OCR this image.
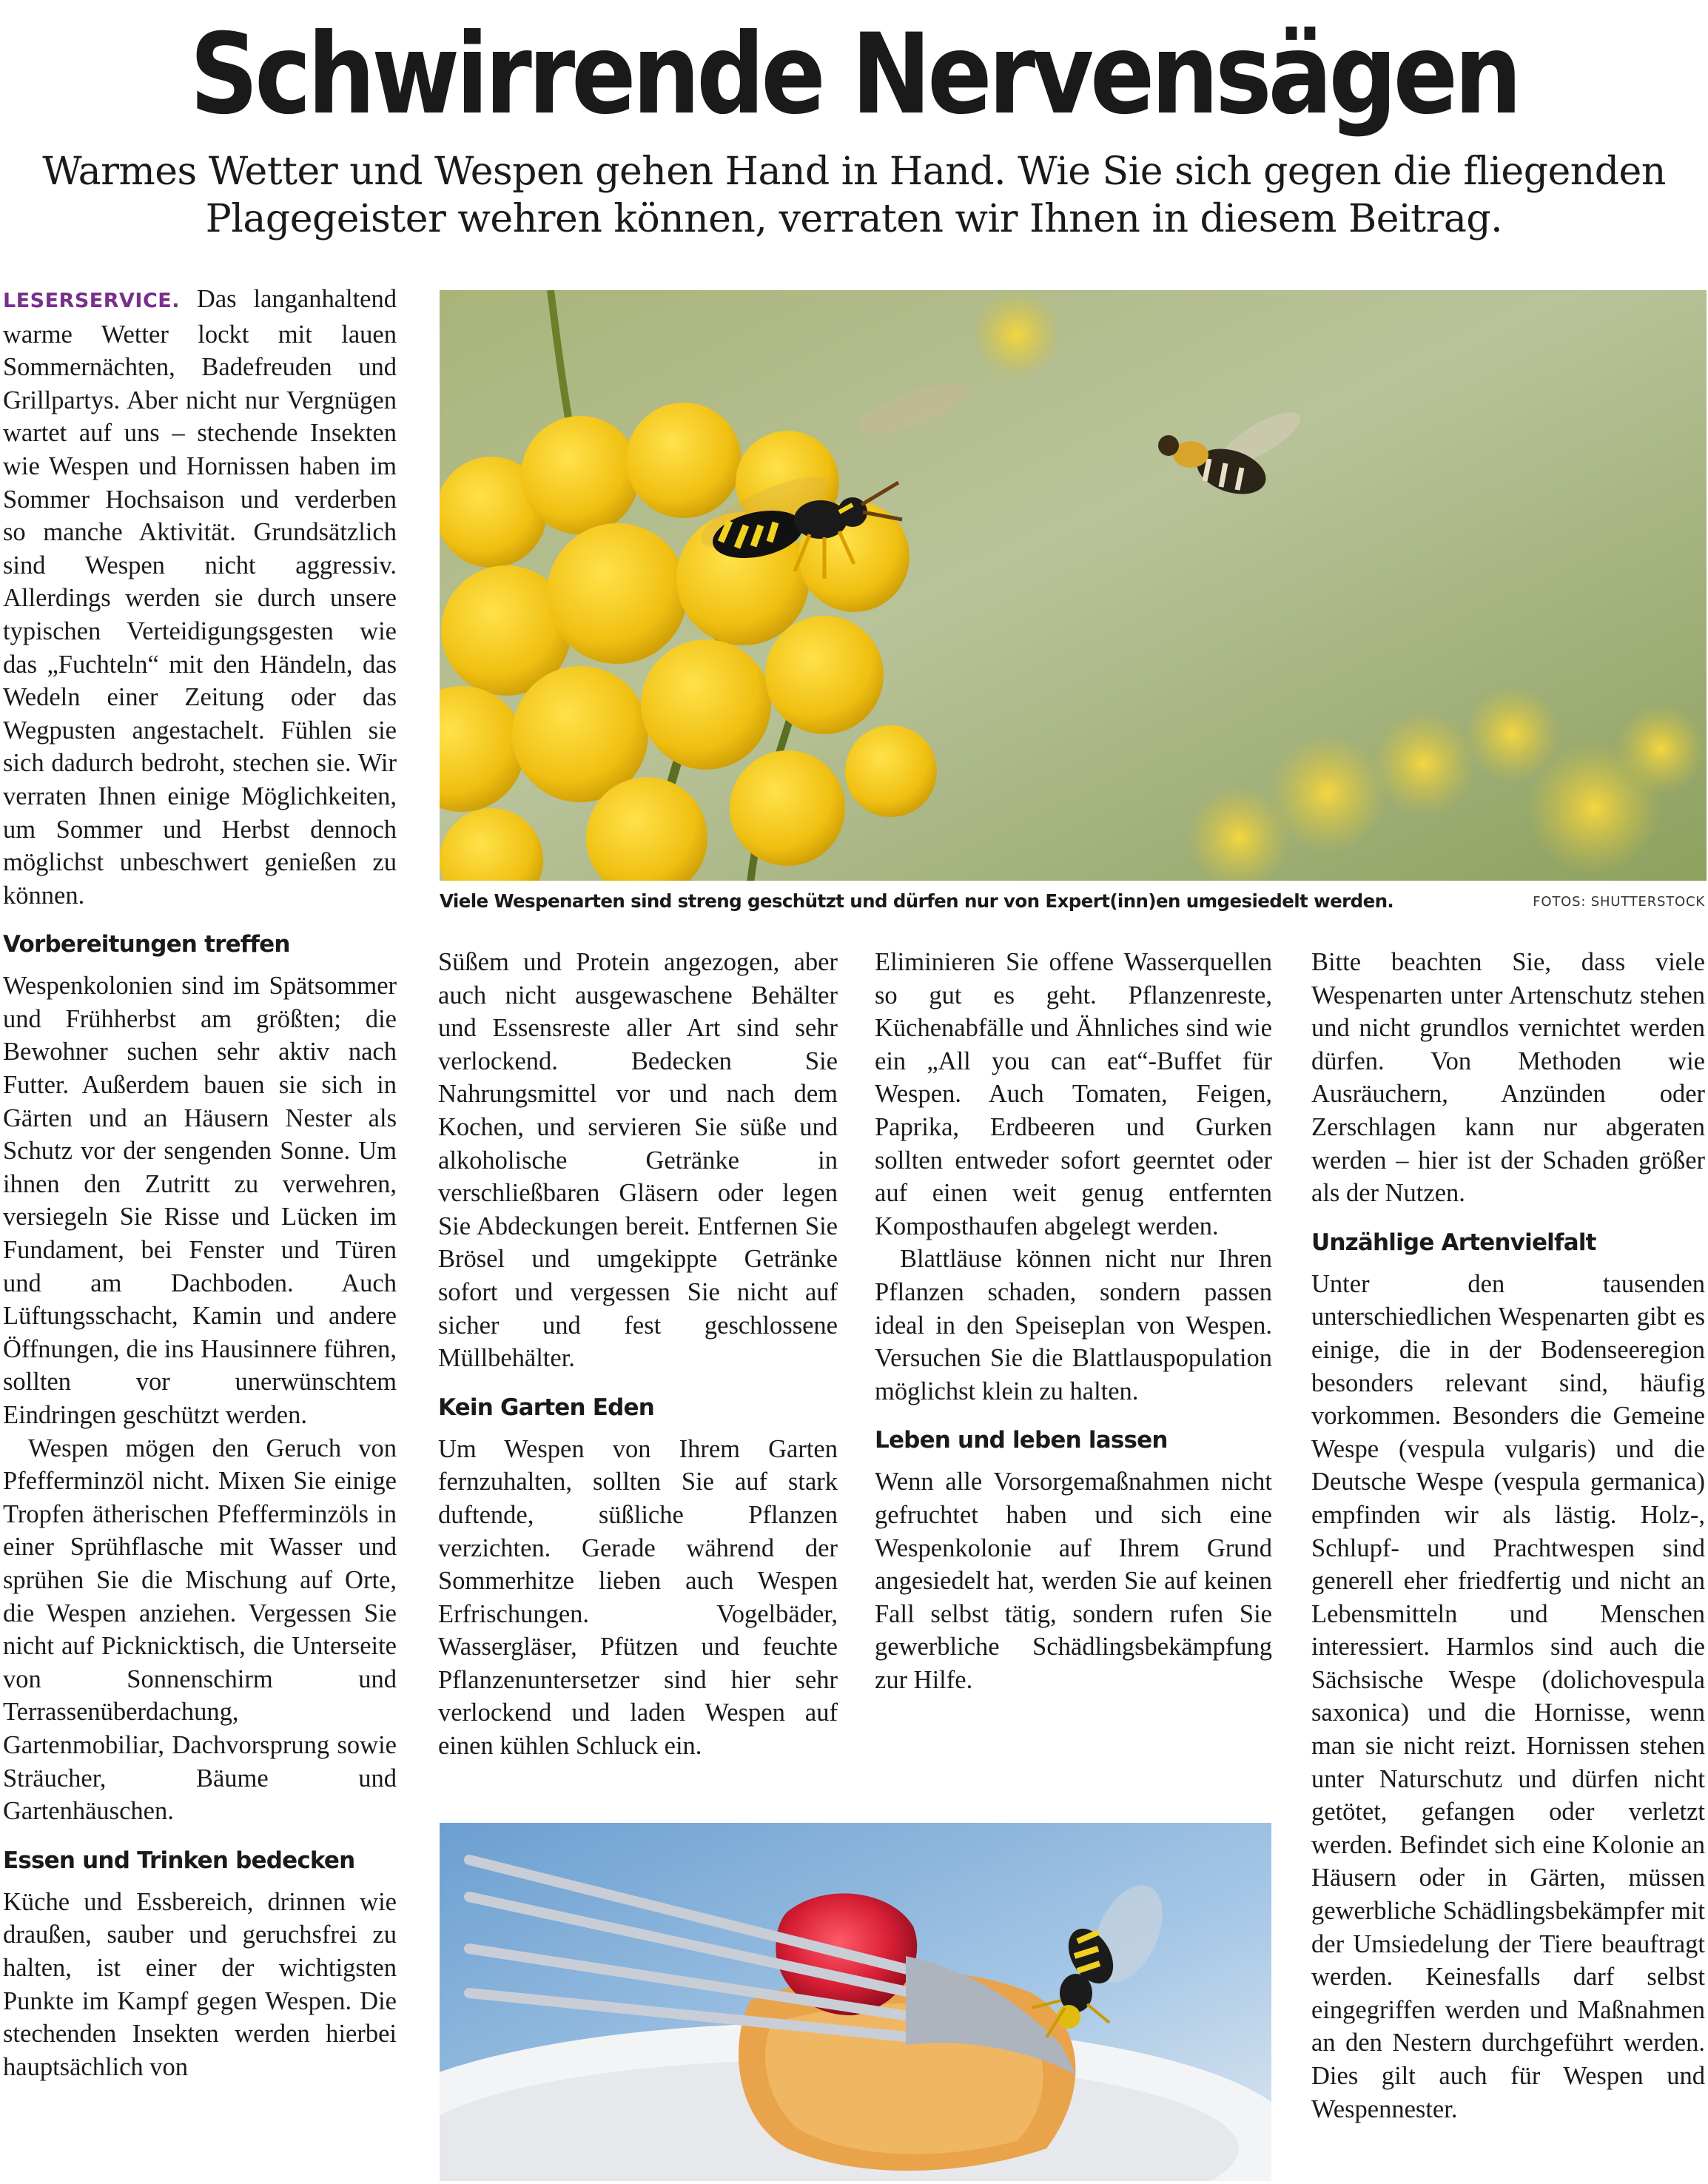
Schwirrende Nervensägen
Warmes Wetter und Wespen gehen Hand in Hand. Wie Sie sich gegen die fliegenden Plagegeister wehren können, verraten wir Ihnen in diesem Beitrag.

LESERSERVICE. Das langanhaltend warme Wetter lockt mit lauen Sommernächten, Badefreuden und Grillpartys. Aber nicht nur Vergnügen wartet auf uns – stechende Insekten wie Wespen und Hornissen haben im Sommer Hochsaison und verderben so manche Aktivität. Grundsätzlich sind Wespen nicht aggressiv. Allerdings werden sie durch unsere typischen Verteidigungsgesten wie das „Fuchteln“ mit den Händeln, das Wedeln einer Zeitung oder das Wegpusten angestachelt. Fühlen sie sich dadurch bedroht, stechen sie. Wir verraten Ihnen einige Möglichkeiten, um Sommer und Herbst dennoch möglichst unbeschwert genießen zu können.

Vorbereitungen treffen

Wespenkolonien sind im Spätsommer und Frühherbst am größten; die Bewohner suchen sehr aktiv nach Futter. Außerdem bauen sie sich in Gärten und an Häusern Nester als Schutz vor der sengenden Sonne. Um ihnen den Zutritt zu verwehren, versiegeln Sie Risse und Lücken im Fundament, bei Fenster und Türen und am Dachboden. Auch Lüftungsschacht, Kamin und andere Öffnungen, die ins Hausinnere führen, sollten vor unerwünschtem Eindringen geschützt werden.

Wespen mögen den Geruch von Pfefferminzöl nicht. Mixen Sie einige Tropfen ätherischen Pfefferminzöls in einer Sprühflasche mit Wasser und sprühen Sie die Mischung auf Orte, die Wespen anziehen. Vergessen Sie nicht auf Picknicktisch, die Unterseite von Sonnenschirm und Terrassenüberdachung, Gartenmobiliar, Dachvorsprung sowie Sträucher, Bäume und Gartenhäuschen.

Essen und Trinken bedecken

Küche und Essbereich, drinnen wie draußen, sauber und geruchsfrei zu halten, ist einer der wichtigsten Punkte im Kampf gegen Wespen. Die stechenden Insekten werden hierbei hauptsächlich von

Süßem und Protein angezogen, aber auch nicht ausgewaschene Behälter und Essensreste aller Art sind sehr verlockend. Bedecken Sie Nahrungsmittel vor und nach dem Kochen, und servieren Sie süße und alkoholische Getränke in verschließbaren Gläsern oder legen Sie Abdeckungen bereit. Entfernen Sie Brösel und umgekippte Getränke sofort und vergessen Sie nicht auf sicher und fest geschlossene Müllbehälter.

Kein Garten Eden

Um Wespen von Ihrem Garten fernzuhalten, sollten Sie auf stark duftende, süßliche Pflanzen verzichten. Gerade während der Sommerhitze lieben auch Wespen Erfrischungen. Vogelbäder, Wassergläser, Pfützen und feuchte Pflanzenuntersetzer sind hier sehr verlockend und laden Wespen auf einen kühlen Schluck ein.

Eliminieren Sie offene Wasserquellen so gut es geht. Pflanzenreste, Küchenabfälle und Ähnliches sind wie ein „All you can eat“-Buffet für Wespen. Auch Tomaten, Feigen, Paprika, Erdbeeren und Gurken sollten entweder sofort geerntet oder auf einen weit genug entfernten Komposthaufen abgelegt werden.

Blattläuse können nicht nur Ihren Pflanzen schaden, sondern passen ideal in den Speiseplan von Wespen. Versuchen Sie die Blattlauspopulation möglichst klein zu halten.

Leben und leben lassen

Wenn alle Vorsorgemaßnahmen nicht gefruchtet haben und sich eine Wespenkolonie auf Ihrem Grund angesiedelt hat, werden Sie auf keinen Fall selbst tätig, sondern rufen Sie gewerbliche Schädlingsbekämpfung zur Hilfe.

Bitte beachten Sie, dass viele Wespenarten unter Artenschutz stehen und nicht grundlos vernichtet werden dürfen. Von Methoden wie Ausräuchern, Anzünden oder Zerschlagen kann nur abgeraten werden – hier ist der Schaden größer als der Nutzen.

Unzählige Artenvielfalt

Unter den tausenden unterschiedlichen Wespenarten gibt es einige, die in der Bodenseeregion besonders relevant sind, häufig vorkommen. Besonders die Gemeine Wespe (vespula vulgaris) und die Deutsche Wespe (vespula germanica) empfinden wir als lästig. Holz-, Schlupf- und Prachtwespen sind generell eher friedfertig und nicht an Lebensmitteln und Menschen interessiert. Harmlos sind auch die Sächsische Wespe (dolichovespula saxonica) und die Hornisse, wenn man sie nicht reizt. Hornissen stehen unter Naturschutz und dürfen nicht getötet, gefangen oder verletzt werden. Befindet sich eine Kolonie an Häusern oder in Gärten, müssen gewerbliche Schädlingsbekämpfer mit der Umsiedelung der Tiere beauftragt werden. Keinesfalls darf selbst eingegriffen werden und Maßnahmen an den Nestern durchgeführt werden. Dies gilt auch für Wespen und Wespennester.

Viele Wespenarten sind streng geschützt und dürfen nur von Expert(inn)en umgesiedelt werden.	FOTOS: SHUTTERSTOCK
